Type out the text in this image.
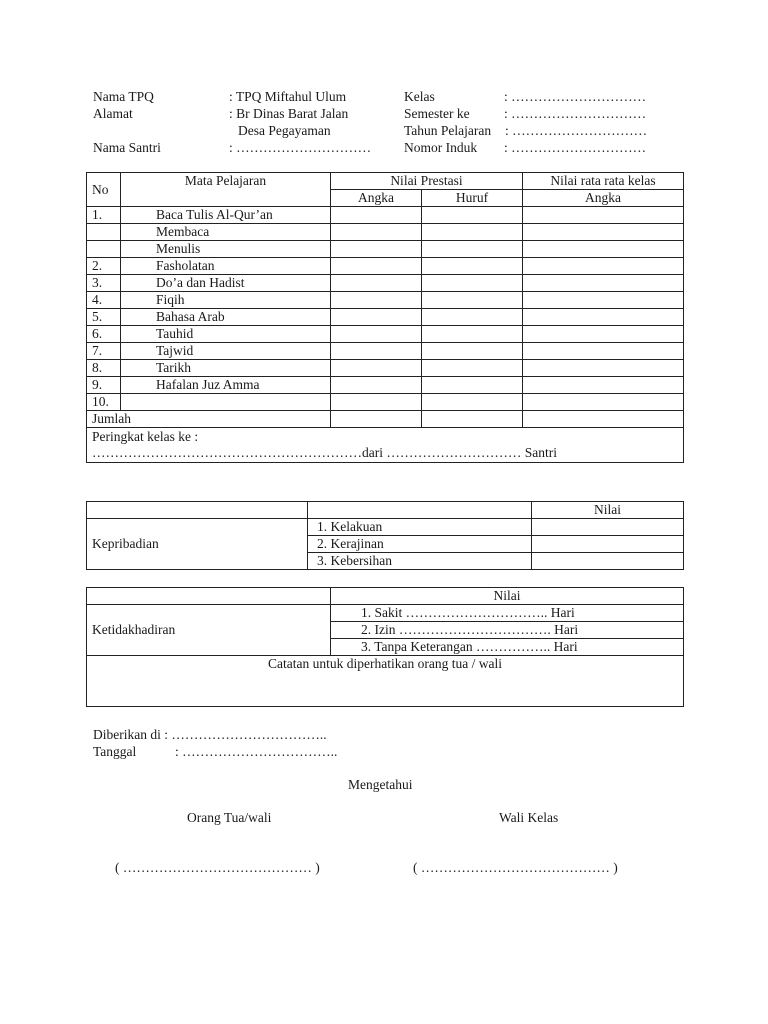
Nama TPQ	: TPQ Miftahul Ulum
Alamat	: Br Dinas Barat Jalan
Desa Pegayaman
Nama Santri	: …………………………
Kelas	: …………………………
Semester ke	: …………………………
Tahun Pelajaran : …………………………
Nomor Induk : …………………………
No	Mata Pelajaran	Nilai Prestasi		Nilai rata rata kelas
		Angka	Huruf	Angka
1.	Baca Tulis Al-Qur’an			
	Membaca			
	Menulis			
2.	Fasholatan			
3.	Do’a dan Hadist			
4.	Fiqih			
5.	Bahasa Arab			
6.	Tauhid			
7.	Tajwid			
8.	Tarikh			
9.	Hafalan Juz Amma			
10.				
Jumlah				

Peringkat kelas ke :
……………………………………………………dari ………………………… Santri				
		Nilai
Kepribadian	1. Kelakuan	
	2. Kerajinan	
	3. Kebersihan	
	Nilai
Ketidakhadiran	1. Sakit ………………………….. Hari
	2. Izin ……………………………. Hari
	3. Tanpa Keterangan …………….. Hari
Catatan untuk diperhatikan orang tua / wali	
Diberikan di : ……………………………..
Tanggal	: ……………………………..
Mengetahui
Orang Tua/wali	Wali Kelas
( …………………………………… )	( …………………………………… )
